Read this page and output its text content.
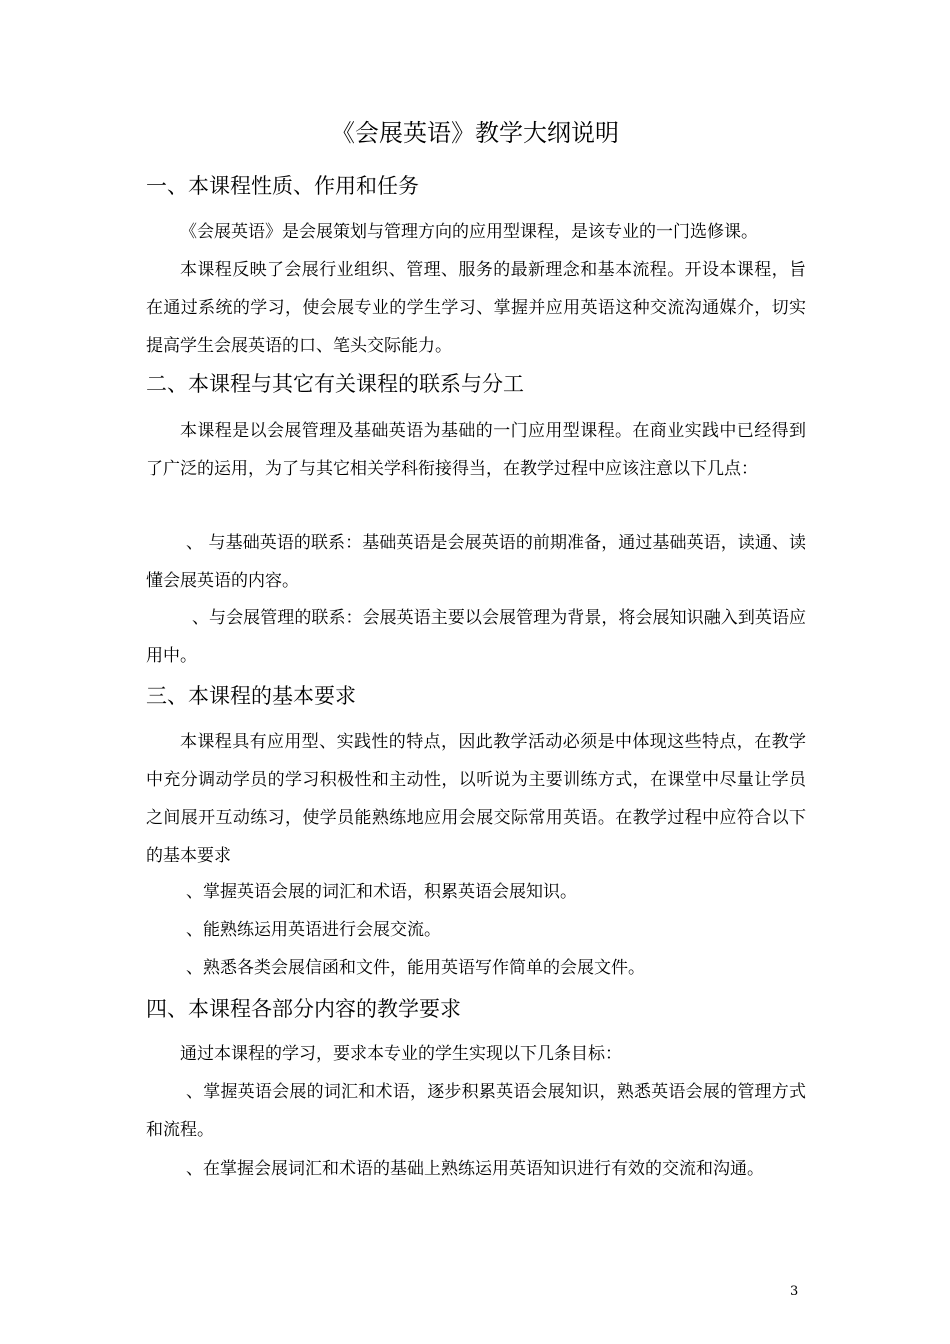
《会展英语》教学大纲说明
一、本课程性质、作用和任务
《会展英语》是会展策划与管理方向的应用型课程，是该专业的一门选修课。
本课程反映了会展行业组织、管理、服务的最新理念和基本流程。开设本课程，旨在通过系统的学习，使会展专业的学生学习、掌握并应用英语这种交流沟通媒介，切实提高学生会展英语的口、笔头交际能力。
二、本课程与其它有关课程的联系与分工
本课程是以会展管理及基础英语为基础的一门应用型课程。在商业实践中已经得到了广泛的运用，为了与其它相关学科衔接得当，在教学过程中应该注意以下几点：
、 与基础英语的联系：基础英语是会展英语的前期准备，通过基础英语，读通、读懂会展英语的内容。
、与会展管理的联系：会展英语主要以会展管理为背景，将会展知识融入到英语应用中。
三、本课程的基本要求
本课程具有应用型、实践性的特点，因此教学活动必须是中体现这些特点，在教学中充分调动学员的学习积极性和主动性，以听说为主要训练方式，在课堂中尽量让学员之间展开互动练习，使学员能熟练地应用会展交际常用英语。在教学过程中应符合以下的基本要求
、掌握英语会展的词汇和术语，积累英语会展知识。
、能熟练运用英语进行会展交流。
、熟悉各类会展信函和文件，能用英语写作简单的会展文件。
四、本课程各部分内容的教学要求
通过本课程的学习，要求本专业的学生实现以下几条目标：
、掌握英语会展的词汇和术语，逐步积累英语会展知识，熟悉英语会展的管理方式和流程。
、在掌握会展词汇和术语的基础上熟练运用英语知识进行有效的交流和沟通。
3
